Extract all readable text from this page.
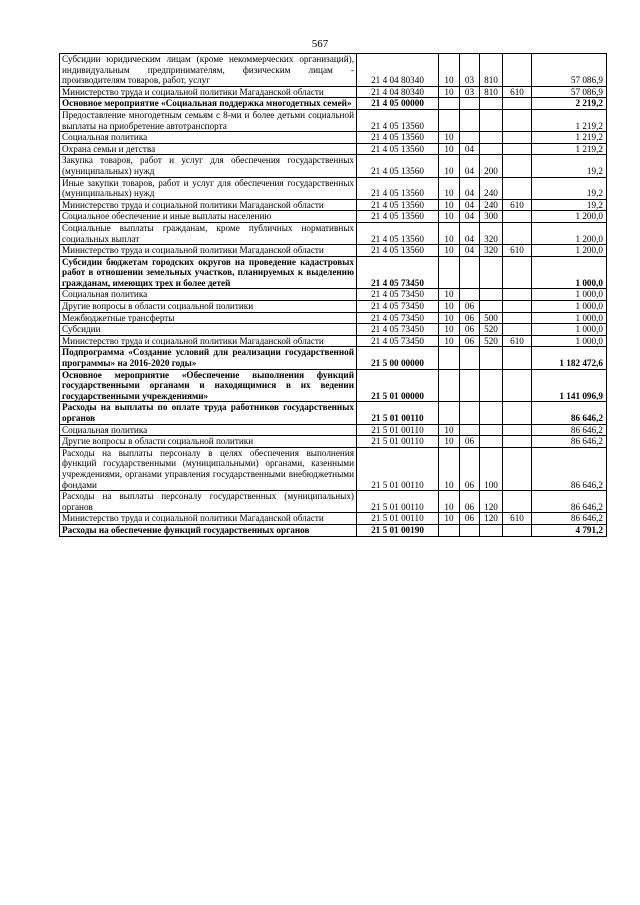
567
Субсидии юридическим лицам (кроме некоммерческих организаций), индивидуальным предпринимателям, физическим лицам - производителям товаров, работ, услуг	21 4 04 80340	10	03	810		57 086,9
Министерство труда и социальной политики Магаданской области	21 4 04 80340	10	03	810	610	57 086,9
Основное мероприятие «Социальная поддержка многодетных семей»	21 4 05 00000					2 219,2
Предоставление многодетным семьям с 8-ми и более детьми социальной выплаты на приобретение автотранспорта	21 4 05 13560					1 219,2
Социальная политика	21 4 05 13560	10				1 219,2
Охрана семьи и детства	21 4 05 13560	10	04			1 219,2
Закупка товаров, работ и услуг для обеспечения государственных (муниципальных) нужд	21 4 05 13560	10	04	200		19,2
Иные закупки товаров, работ и услуг для обеспечения государственных (муниципальных) нужд	21 4 05 13560	10	04	240		19,2
Министерство труда и социальной политики Магаданской области	21 4 05 13560	10	04	240	610	19,2
Социальное обеспечение и иные выплаты населению	21 4 05 13560	10	04	300		1 200,0
Социальные выплаты гражданам, кроме публичных нормативных социальных выплат	21 4 05 13560	10	04	320		1 200,0
Министерство труда и социальной политики Магаданской области	21 4 05 13560	10	04	320	610	1 200,0
Субсидии бюджетам городских округов на проведение кадастровых работ в отношении земельных участков, планируемых к выделению гражданам, имеющих трех и более детей	21 4 05 73450					1 000,0
Социальная политика	21 4 05 73450	10				1 000,0
Другие вопросы в области социальной политики	21 4 05 73450	10	06			1 000,0
Межбюджетные трансферты	21 4 05 73450	10	06	500		1 000,0
Субсидии	21 4 05 73450	10	06	520		1 000,0
Министерство труда и социальной политики Магаданской области	21 4 05 73450	10	06	520	610	1 000,0
Подпрограмма «Создание условий для реализации государственной программы» на 2016-2020 годы»	21 5 00 00000					1 182 472,6
Основное мероприятие «Обеспечение выполнения функций государственными органами и находящимися в их ведении государственными учреждениями»	21 5 01 00000					1 141 096,9
Расходы на выплаты по оплате труда работников государственных органов	21 5 01 00110					86 646,2
Социальная политика	21 5 01 00110	10				86 646,2
Другие вопросы в области социальной политики	21 5 01 00110	10	06			86 646,2
Расходы на выплаты персоналу в целях обеспечения выполнения функций государственными (муниципальными) органами, казенными учреждениями, органами управления государственными внебюджетными фондами	21 5 01 00110	10	06	100		86 646,2
Расходы на выплаты персоналу государственных (муниципальных) органов	21 5 01 00110	10	06	120		86 646,2
Министерство труда и социальной политики Магаданской области	21 5 01 00110	10	06	120	610	86 646,2
Расходы на обеспечение функций государственных органов	21 5 01 00190					4 791,2
